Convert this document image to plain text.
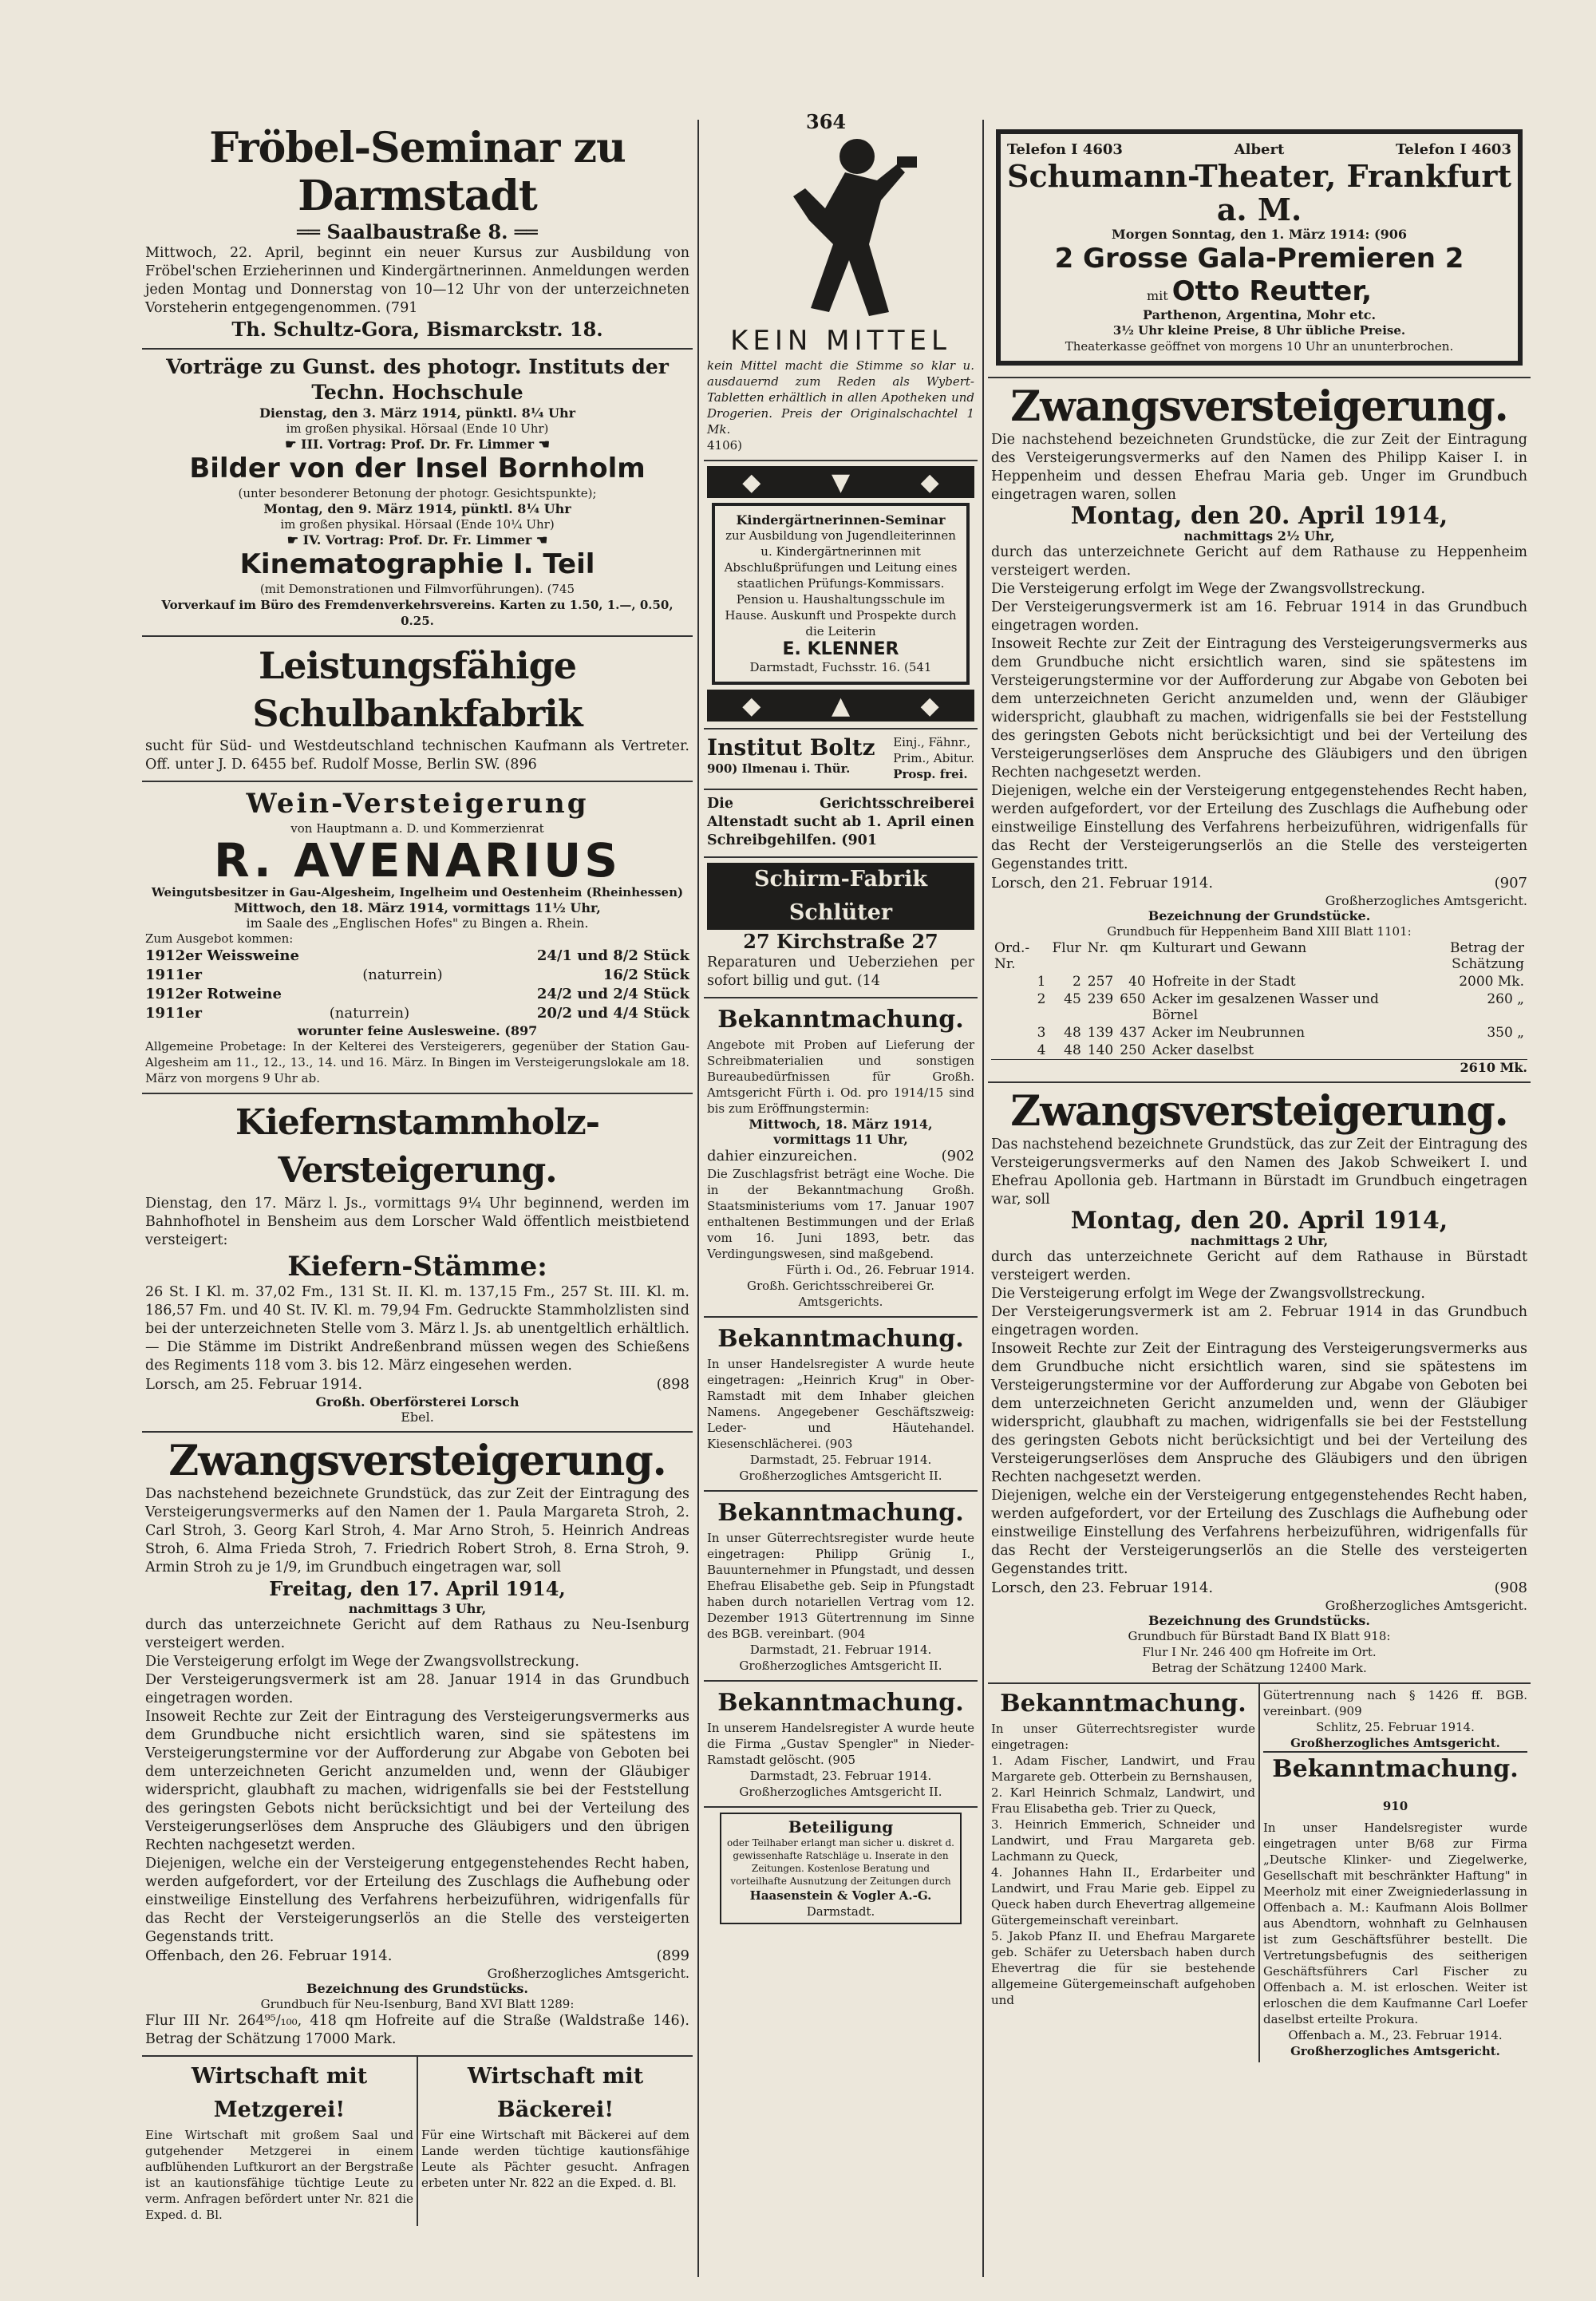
364
Fröbel-Seminar zu Darmstadt
══ Saalbaustraße 8. ══

Mittwoch, 22. April, beginnt ein neuer Kursus zur Ausbildung von Fröbel'schen Erzieherinnen und Kindergärtnerinnen. Anmeldungen werden jeden Montag und Donnerstag von 10—12 Uhr von der unterzeichneten Vorsteherin entgegengenommen. (791

Th. Schultz-Gora, Bismarckstr. 18.
Vorträge zu Gunst. des photogr. Instituts der Techn. Hochschule
Dienstag, den 3. März 1914, pünktl. 8¼ Uhr
im großen physikal. Hörsaal (Ende 10 Uhr)
☛ III. Vortrag: Prof. Dr. Fr. Limmer ☚
Bilder von der Insel Bornholm
(unter besonderer Betonung der photogr. Gesichtspunkte);
Montag, den 9. März 1914, pünktl. 8¼ Uhr
im großen physikal. Hörsaal (Ende 10¼ Uhr)
☛ IV. Vortrag: Prof. Dr. Fr. Limmer ☚
Kinematographie I. Teil
(mit Demonstrationen und Filmvorführungen). (745
Vorverkauf im Büro des Fremdenverkehrsvereins. Karten zu 1.50, 1.—, 0.50, 0.25.
Leistungsfähige Schulbankfabrik

sucht für Süd- und Westdeutschland technischen Kaufmann als Vertreter. Off. unter J. D. 6455 bef. Rudolf Mosse, Berlin SW. (896

Wein-Versteigerung
von Hauptmann a. D. und Kommerzienrat
R. AVENARIUS
Weingutsbesitzer in Gau-Algesheim, Ingelheim und Oestenheim (Rheinhessen)
Mittwoch, den 18. März 1914, vormittags 11½ Uhr,
im Saale des „Englischen Hofes" zu Bingen a. Rhein.
Zum Ausgebot kommen:
1912er Weissweine	24/1 und 8/2 Stück
1911er	(naturrein)	16/2 Stück
1912er Rotweine	24/2 und 2/4 Stück
1911er	(naturrein)	20/2 und 4/4 Stück
worunter feine Auslesweine. (897

Allgemeine Probetage: In der Kelterei des Versteigerers, gegenüber der Station Gau-Algesheim am 11., 12., 13., 14. und 16. März. In Bingen im Versteigerungslokale am 18. März von morgens 9 Uhr ab.

Kiefernstammholz-Versteigerung.

Dienstag, den 17. März l. Js., vormittags 9¼ Uhr beginnend, werden im Bahnhofhotel in Bensheim aus dem Lorscher Wald öffentlich meistbietend versteigert:

Kiefern-Stämme:

26 St. I Kl. m. 37,02 Fm., 131 St. II. Kl. m. 137,15 Fm., 257 St. III. Kl. m. 186,57 Fm. und 40 St. IV. Kl. m. 79,94 Fm. Gedruckte Stammholzlisten sind bei der unterzeichneten Stelle vom 3. März l. Js. ab unentgeltlich erhältlich. — Die Stämme im Distrikt Andreßenbrand müssen wegen des Schießens des Regiments 118 vom 3. bis 12. März eingesehen werden.

Lorsch, am 25. Februar 1914.	(898
Großh. Oberförsterei Lorsch
Ebel.
Zwangsversteigerung.

Das nachstehend bezeichnete Grundstück, das zur Zeit der Eintragung des Versteigerungsvermerks auf den Namen der 1. Paula Margareta Stroh, 2. Carl Stroh, 3. Georg Karl Stroh, 4. Mar Arno Stroh, 5. Heinrich Andreas Stroh, 6. Alma Frieda Stroh, 7. Friedrich Robert Stroh, 8. Erna Stroh, 9. Armin Stroh zu je 1/9, im Grundbuch eingetragen war, soll

Freitag, den 17. April 1914,
nachmittags 3 Uhr,

durch das unterzeichnete Gericht auf dem Rathaus zu Neu-Isenburg versteigert werden.

Die Versteigerung erfolgt im Wege der Zwangsvollstreckung.

Der Versteigerungsvermerk ist am 28. Januar 1914 in das Grundbuch eingetragen worden.

Insoweit Rechte zur Zeit der Eintragung des Versteigerungsvermerks aus dem Grundbuche nicht ersichtlich waren, sind sie spätestens im Versteigerungstermine vor der Aufforderung zur Abgabe von Geboten bei dem unterzeichneten Gericht anzumelden und, wenn der Gläubiger widerspricht, glaubhaft zu machen, widrigenfalls sie bei der Feststellung des geringsten Gebots nicht berücksichtigt und bei der Verteilung des Versteigerungserlöses dem Anspruche des Gläubigers und den übrigen Rechten nachgesetzt werden.

Diejenigen, welche ein der Versteigerung entgegenstehendes Recht haben, werden aufgefordert, vor der Erteilung des Zuschlags die Aufhebung oder einstweilige Einstellung des Verfahrens herbeizuführen, widrigenfalls für das Recht der Versteigerungserlös an die Stelle des versteigerten Gegenstands tritt.

Offenbach, den 26. Februar 1914.	(899
Großherzogliches Amtsgericht.
Bezeichnung des Grundstücks.
Grundbuch für Neu-Isenburg, Band XVI Blatt 1289:

Flur III Nr. 264⁹⁵/₁₀₀, 418 qm Hofreite auf die Straße (Waldstraße 146). Betrag der Schätzung 17000 Mark.

Wirtschaft mit Metzgerei!

Eine Wirtschaft mit großem Saal und gutgehender Metzgerei in einem aufblühenden Luftkurort an der Bergstraße ist an kautionsfähige tüchtige Leute zu verm. Anfragen befördert unter Nr. 821 die Exped. d. Bl.

Wirtschaft mit Bäckerei!

Für eine Wirtschaft mit Bäckerei auf dem Lande werden tüchtige kautionsfähige Leute als Pächter gesucht. Anfragen erbeten unter Nr. 822 an die Exped. d. Bl.

KEIN MITTEL

kein Mittel macht die Stimme so klar u. ausdauernd zum Reden als Wybert-Tabletten erhältlich in allen Apotheken und Drogerien. Preis der Originalschachtel 1 Mk.

4106)
◆	▼	◆
Kindergärtnerinnen-Seminar

zur Ausbildung von Jugendleiterinnen u. Kindergärtnerinnen mit Abschlußprüfungen und Leitung eines staatlichen Prüfungs-Kommissars. Pension u. Haushaltungsschule im Hause. Auskunft und Prospekte durch die Leiterin

E. KLENNER
Darmstadt, Fuchsstr. 16. (541
◆	▲	◆
Institut Boltz
900) Ilmenau i. Thür.
Einj., Fähnr.,
Prim., Abitur.
Prosp. frei.

Die Gerichtsschreiberei Altenstadt sucht ab 1. April einen Schreibgehilfen. (901

Schirm-Fabrik Schlüter
27 Kirchstraße 27

Reparaturen und Ueberziehen per sofort billig und gut. (14

Bekanntmachung.

Angebote mit Proben auf Lieferung der Schreibmaterialien und sonstigen Bureaubedürfnissen für Großh. Amtsgericht Fürth i. Od. pro 1914/15 sind bis zum Eröffnungstermin:

Mittwoch, 18. März 1914,
vormittags 11 Uhr,
dahier einzureichen.	(902

Die Zuschlagsfrist beträgt eine Woche. Die in der Bekanntmachung Großh. Staatsministeriums vom 17. Januar 1907 enthaltenen Bestimmungen und der Erlaß vom 16. Juni 1893, betr. das Verdingungswesen, sind maßgebend.

Fürth i. Od., 26. Februar 1914.
Großh. Gerichtsschreiberei Gr. Amtsgerichts.
Bekanntmachung.

In unser Handelsregister A wurde heute eingetragen: „Heinrich Krug" in Ober-Ramstadt mit dem Inhaber gleichen Namens. Angegebener Geschäftszweig: Leder- und Häutehandel. Kiesenschlächerei. (903

Darmstadt, 25. Februar 1914.
Großherzogliches Amtsgericht II.
Bekanntmachung.

In unser Güterrechtsregister wurde heute eingetragen: Philipp Grünig I., Bauunternehmer in Pfungstadt, und dessen Ehefrau Elisabethe geb. Seip in Pfungstadt haben durch notariellen Vertrag vom 12. Dezember 1913 Gütertrennung im Sinne des BGB. vereinbart. (904

Darmstadt, 21. Februar 1914.
Großherzogliches Amtsgericht II.
Bekanntmachung.

In unserem Handelsregister A wurde heute die Firma „Gustav Spengler" in Nieder-Ramstadt gelöscht. (905

Darmstadt, 23. Februar 1914.
Großherzogliches Amtsgericht II.
Beteiligung

oder Teilhaber erlangt man sicher u. diskret d. gewissenhafte Ratschläge u. Inserate in den Zeitungen. Kostenlose Beratung und vorteilhafte Ausnutzung der Zeitungen durch

Haasenstein & Vogler A.-G.
Darmstadt.
Telefon I 4603	Albert	Telefon I 4603
Schumann-Theater, Frankfurt a. M.
Morgen Sonntag, den 1. März 1914: (906
2 Grosse Gala-Premieren 2
mit Otto Reutter,
Parthenon, Argentina, Mohr etc.
3½ Uhr kleine Preise, 8 Uhr übliche Preise.
Theaterkasse geöffnet von morgens 10 Uhr an ununterbrochen.
Zwangsversteigerung.

Die nachstehend bezeichneten Grundstücke, die zur Zeit der Eintragung des Versteigerungsvermerks auf den Namen des Philipp Kaiser I. in Heppenheim und dessen Ehefrau Maria geb. Unger im Grundbuch eingetragen waren, sollen

Montag, den 20. April 1914,
nachmittags 2½ Uhr,

durch das unterzeichnete Gericht auf dem Rathause zu Heppenheim versteigert werden.

Die Versteigerung erfolgt im Wege der Zwangsvollstreckung.

Der Versteigerungsvermerk ist am 16. Februar 1914 in das Grundbuch eingetragen worden.

Insoweit Rechte zur Zeit der Eintragung des Versteigerungsvermerks aus dem Grundbuche nicht ersichtlich waren, sind sie spätestens im Versteigerungstermine vor der Aufforderung zur Abgabe von Geboten bei dem unterzeichneten Gericht anzumelden und, wenn der Gläubiger widerspricht, glaubhaft zu machen, widrigenfalls sie bei der Feststellung des geringsten Gebots nicht berücksichtigt und bei der Verteilung des Versteigerungserlöses dem Anspruche des Gläubigers und den übrigen Rechten nachgesetzt werden.

Diejenigen, welche ein der Versteigerung entgegenstehendes Recht haben, werden aufgefordert, vor der Erteilung des Zuschlags die Aufhebung oder einstweilige Einstellung des Verfahrens herbeizuführen, widrigenfalls für das Recht der Versteigerungserlös an die Stelle des versteigerten Gegenstandes tritt.

Lorsch, den 21. Februar 1914.	(907
Großherzogliches Amtsgericht.
Bezeichnung der Grundstücke.
Grundbuch für Heppenheim Band XIII Blatt 1101:
Ord.-Nr.	Flur	Nr.	qm	Kulturart und Gewann	Betrag der Schätzung
1	2	257	40	Hofreite in der Stadt	2000 Mk.
2	45	239	650	Acker im gesalzenen Wasser und Börnel	260 „
3	48	139	437	Acker im Neubrunnen	350 „
4	48	140	250	Acker daselbst	
2610 Mk.
Zwangsversteigerung.

Das nachstehend bezeichnete Grundstück, das zur Zeit der Eintragung des Versteigerungsvermerks auf den Namen des Jakob Schweikert I. und Ehefrau Apollonia geb. Hartmann in Bürstadt im Grundbuch eingetragen war, soll

Montag, den 20. April 1914,
nachmittags 2 Uhr,

durch das unterzeichnete Gericht auf dem Rathause in Bürstadt versteigert werden.

Die Versteigerung erfolgt im Wege der Zwangsvollstreckung.

Der Versteigerungsvermerk ist am 2. Februar 1914 in das Grundbuch eingetragen worden.

Insoweit Rechte zur Zeit der Eintragung des Versteigerungsvermerks aus dem Grundbuche nicht ersichtlich waren, sind sie spätestens im Versteigerungstermine vor der Aufforderung zur Abgabe von Geboten bei dem unterzeichneten Gericht anzumelden und, wenn der Gläubiger widerspricht, glaubhaft zu machen, widrigenfalls sie bei der Feststellung des geringsten Gebots nicht berücksichtigt und bei der Verteilung des Versteigerungserlöses dem Anspruche des Gläubigers und den übrigen Rechten nachgesetzt werden.

Diejenigen, welche ein der Versteigerung entgegenstehendes Recht haben, werden aufgefordert, vor der Erteilung des Zuschlags die Aufhebung oder einstweilige Einstellung des Verfahrens herbeizuführen, widrigenfalls für das Recht der Versteigerungserlös an die Stelle des versteigerten Gegenstandes tritt.

Lorsch, den 23. Februar 1914.	(908
Großherzogliches Amtsgericht.
Bezeichnung des Grundstücks.
Grundbuch für Bürstadt Band IX Blatt 918:
Flur I Nr. 246 400 qm Hofreite im Ort.
Betrag der Schätzung 12400 Mark.
Bekanntmachung.

In unser Güterrechtsregister wurde eingetragen:

1. Adam Fischer, Landwirt, und Frau Margarete geb. Otterbein zu Bernshausen,

2. Karl Heinrich Schmalz, Landwirt, und Frau Elisabetha geb. Trier zu Queck,

3. Heinrich Emmerich, Schneider und Landwirt, und Frau Margareta geb. Lachmann zu Queck,

4. Johannes Hahn II., Erdarbeiter und Landwirt, und Frau Marie geb. Eippel zu Queck haben durch Ehevertrag allgemeine Gütergemeinschaft vereinbart.

5. Jakob Pfanz II. und Ehefrau Margarete geb. Schäfer zu Uetersbach haben durch Ehevertrag die für sie bestehende allgemeine Gütergemeinschaft aufgehoben und

Gütertrennung nach § 1426 ff. BGB. vereinbart. (909

Schlitz, 25. Februar 1914.
Großherzogliches Amtsgericht.
Bekanntmachung. 910

In unser Handelsregister wurde eingetragen unter B/68 zur Firma „Deutsche Klinker- und Ziegelwerke, Gesellschaft mit beschränkter Haftung" in Meerholz mit einer Zweigniederlassung in Offenbach a. M.: Kaufmann Alois Bollmer aus Abendtorn, wohnhaft zu Gelnhausen ist zum Geschäftsführer bestellt. Die Vertretungsbefugnis des seitherigen Geschäftsführers Carl Fischer zu Offenbach a. M. ist erloschen. Weiter ist erloschen die dem Kaufmanne Carl Loefer daselbst erteilte Prokura.

Offenbach a. M., 23. Februar 1914.
Großherzogliches Amtsgericht.
